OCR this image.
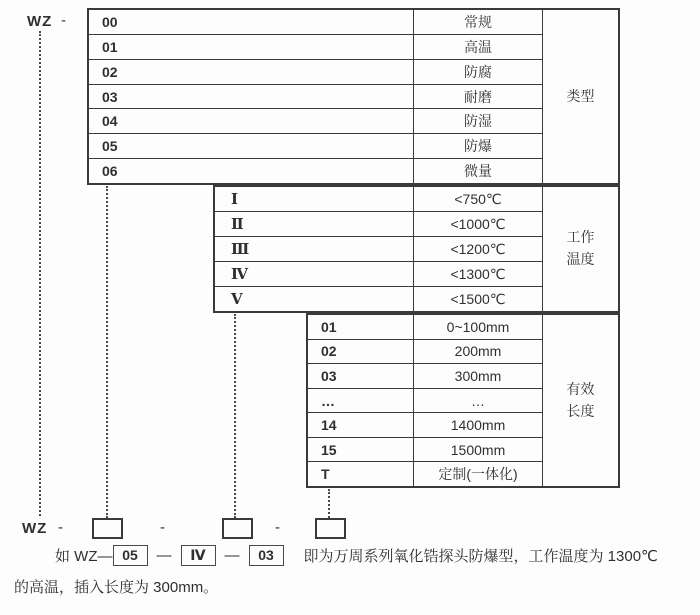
WZ -	00	常规
01	高温
02	防腐
03	耐磨
04	防湿
05	防爆
06	微量
类型
Ⅰ	<750℃
Ⅱ	<1000℃
Ⅲ	<1200℃
Ⅳ	<1300℃
Ⅴ	<1500℃
工作
温度
01	0~100mm
02	200mm
03	300mm
…	…
14	1400mm
15	1500mm
T	定制(一体化)
有效
长度
WZ -	-	-
如 WZ— 05	—	Ⅳ	—	03	即为万周系列氧化锆探头防爆型，工作温度为 1300℃
的高温，插入长度为 300mm。
